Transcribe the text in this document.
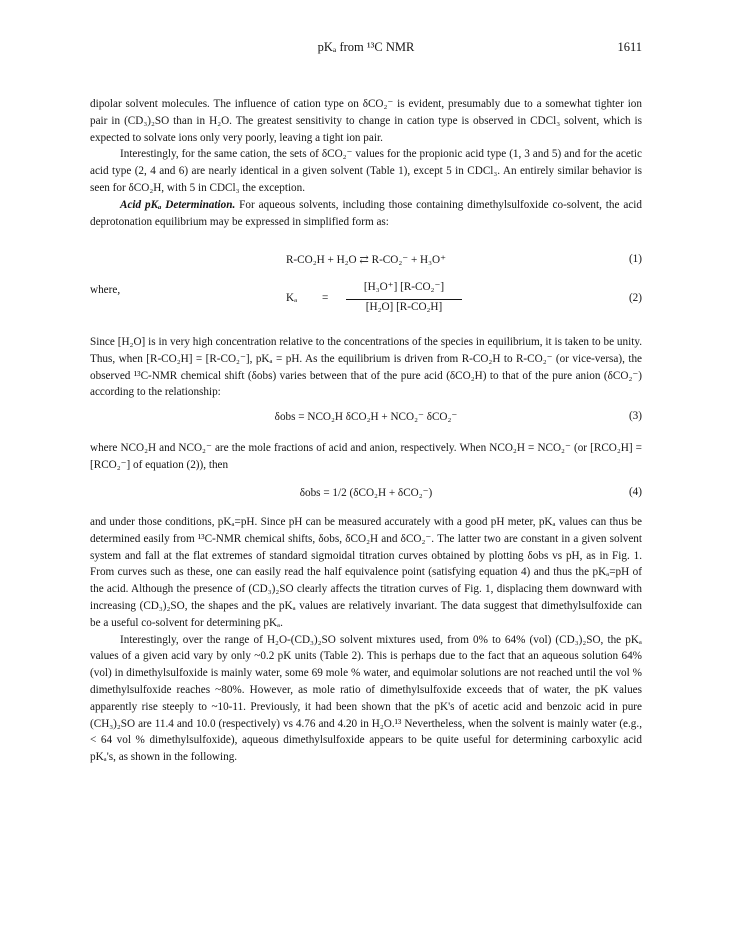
pKₐ from ¹³C NMR	1611

dipolar solvent molecules. The influence of cation type on δCO₂⁻ is evident, presumably due to a somewhat tighter ion pair in (CD₃)₂SO than in H₂O. The greatest sensitivity to change in cation type is observed in CDCl₃ solvent, which is expected to solvate ions only very poorly, leaving a tight ion pair.

Interestingly, for the same cation, the sets of δCO₂⁻ values for the propionic acid type (1, 3 and 5) and for the acetic acid type (2, 4 and 6) are nearly identical in a given solvent (Table 1), except 5 in CDCl₃. An entirely similar behavior is seen for δCO₂H, with 5 in CDCl₃ the exception.

Acid pKₐ Determination. For aqueous solvents, including those containing dimethylsulfoxide co-solvent, the acid deprotonation equilibrium may be expressed in simplified form as:

R-CO₂H + H₂O ⇄ R-CO₂⁻ + H₃O⁺	(1)
where,
Kₐ =
[H₃O⁺] [R-CO₂⁻]
[H₂O] [R-CO₂H]
(2)

Since [H₂O] is in very high concentration relative to the concentrations of the species in equilibrium, it is taken to be unity. Thus, when [R-CO₂H] = [R-CO₂⁻], pKₐ = pH. As the equilibrium is driven from R-CO₂H to R-CO₂⁻ (or vice-versa), the observed ¹³C-NMR chemical shift (δobs) varies between that of the pure acid (δCO₂H) to that of the pure anion (δCO₂⁻) according to the relationship:

δobs = NCO₂H δCO₂H + NCO₂⁻ δCO₂⁻	(3)

where NCO₂H and NCO₂⁻ are the mole fractions of acid and anion, respectively. When NCO₂H = NCO₂⁻ (or [RCO₂H] = [RCO₂⁻] of equation (2)), then

δobs = 1/2 (δCO₂H + δCO₂⁻)	(4)

and under those conditions, pKₐ=pH. Since pH can be measured accurately with a good pH meter, pKₐ values can thus be determined easily from ¹³C-NMR chemical shifts, δobs, δCO₂H and δCO₂⁻. The latter two are constant in a given solvent system and fall at the flat extremes of standard sigmoidal titration curves obtained by plotting δobs vs pH, as in Fig. 1. From curves such as these, one can easily read the half equivalence point (satisfying equation 4) and thus the pKₐ=pH of the acid. Although the presence of (CD₃)₂SO clearly affects the titration curves of Fig. 1, displacing them downward with increasing (CD₃)₂SO, the shapes and the pKₐ values are relatively invariant. The data suggest that dimethylsulfoxide can be a useful co-solvent for determining pKₐ.

Interestingly, over the range of H₂O-(CD₃)₂SO solvent mixtures used, from 0% to 64% (vol) (CD₃)₂SO, the pKₐ values of a given acid vary by only ~0.2 pK units (Table 2). This is perhaps due to the fact that an aqueous solution 64% (vol) in dimethylsulfoxide is mainly water, some 69 mole % water, and equimolar solutions are not reached until the vol % dimethylsulfoxide reaches ~80%. However, as mole ratio of dimethylsulfoxide exceeds that of water, the pK values apparently rise steeply to ~10-11. Previously, it had been shown that the pK's of acetic acid and benzoic acid in pure (CH₃)₂SO are 11.4 and 10.0 (respectively) vs 4.76 and 4.20 in H₂O.¹³ Nevertheless, when the solvent is mainly water (e.g., < 64 vol % dimethylsulfoxide), aqueous dimethylsulfoxide appears to be quite useful for determining carboxylic acid pKₐ's, as shown in the following.
